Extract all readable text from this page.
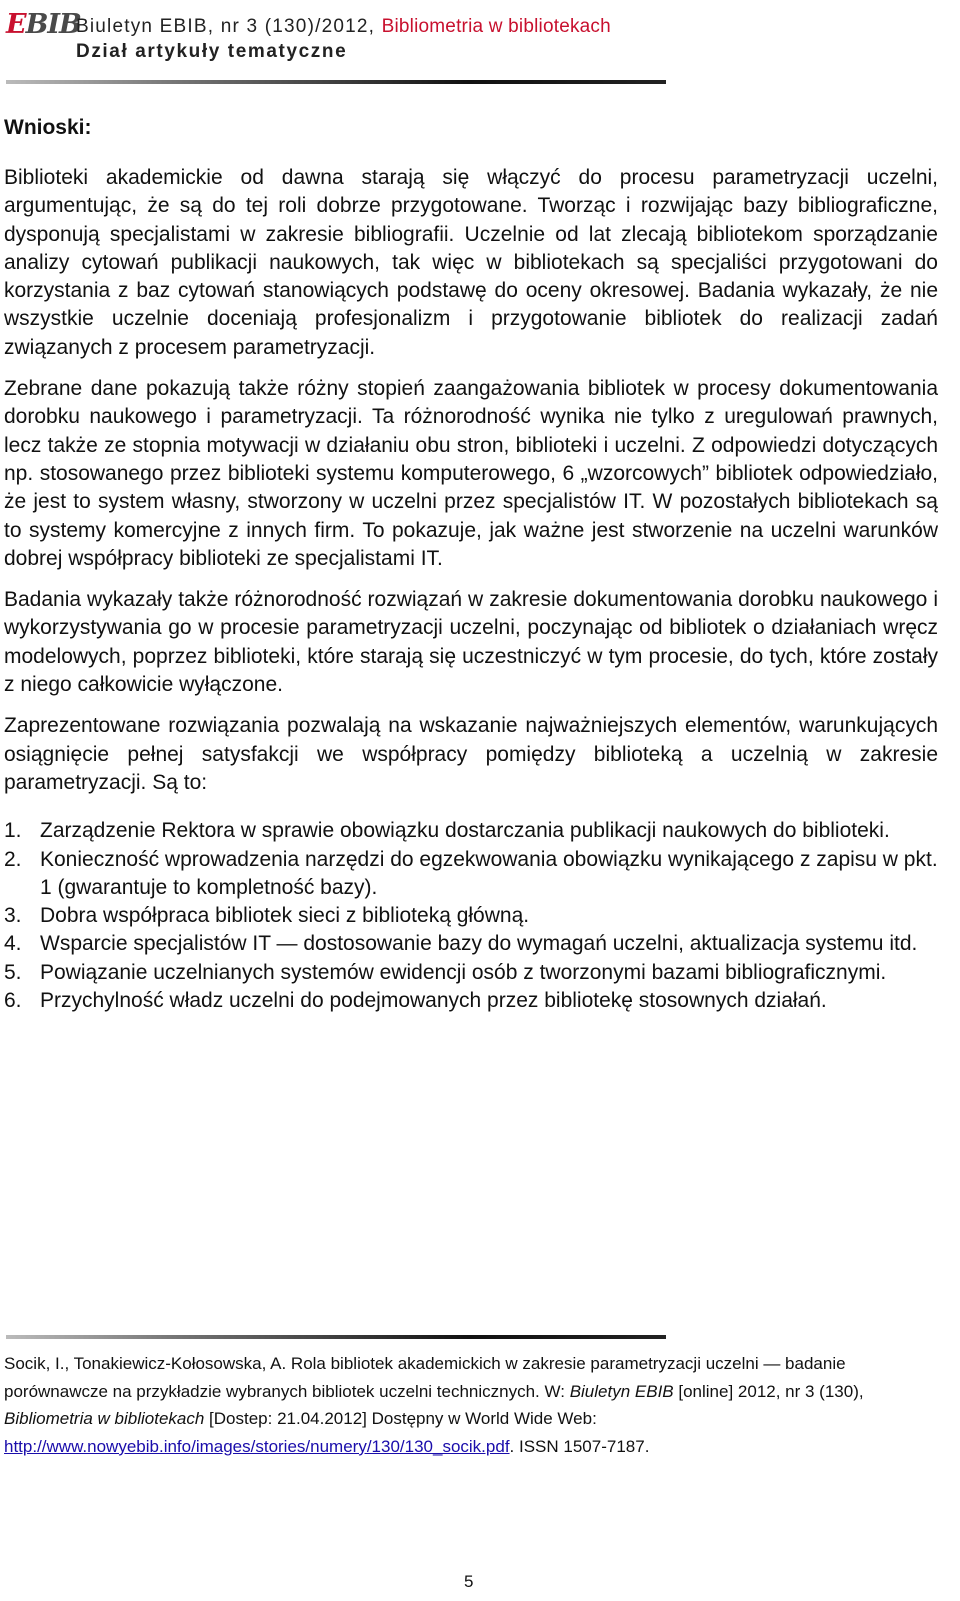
EBIB
Biuletyn EBIB, nr 3 (130)/2012, Bibliometria w bibliotekach
Dział artykuły tematyczne
Wnioski:

Biblioteki akademickie od dawna starają się włączyć do procesu parametryzacji uczelni, argumentując, że są do tej roli dobrze przygotowane. Tworząc i rozwijając bazy bibliograficzne, dysponują specjalistami w zakresie bibliografii. Uczelnie od lat zlecają bibliotekom sporządzanie analizy cytowań publikacji naukowych, tak więc w bibliotekach są specjaliści przygotowani do korzystania z baz cytowań stanowiących podstawę do oceny okresowej. Badania wykazały, że nie wszystkie uczelnie doceniają profesjonalizm i przygotowanie bibliotek do realizacji zadań związanych z procesem parametryzacji.

Zebrane dane pokazują także różny stopień zaangażowania bibliotek w procesy dokumentowania dorobku naukowego i parametryzacji. Ta różnorodność wynika nie tylko z uregulowań prawnych, lecz także ze stopnia motywacji w działaniu obu stron, biblioteki i uczelni. Z odpowiedzi dotyczących np. stosowanego przez biblioteki systemu komputerowego, 6 „wzorcowych” bibliotek odpowiedziało, że jest to system własny, stworzony w uczelni przez specjalistów IT. W pozostałych bibliotekach są to systemy komercyjne z innych firm. To pokazuje, jak ważne jest stworzenie na uczelni warunków dobrej współpracy biblioteki ze specjalistami IT.

Badania wykazały także różnorodność rozwiązań w zakresie dokumentowania dorobku naukowego i wykorzystywania go w procesie parametryzacji uczelni, poczynając od bibliotek o działaniach wręcz modelowych, poprzez biblioteki, które starają się uczestniczyć w tym procesie, do tych, które zostały z niego całkowicie wyłączone.

Zaprezentowane rozwiązania pozwalają na wskazanie najważniejszych elementów, warunkujących osiągnięcie pełnej satysfakcji we współpracy pomiędzy biblioteką a uczelnią w zakresie parametryzacji. Są to:

1. Zarządzenie Rektora w sprawie obowiązku dostarczania publikacji naukowych do biblioteki.
2. Konieczność wprowadzenia narzędzi do egzekwowania obowiązku wynikającego z zapisu w pkt. 1 (gwarantuje to kompletność bazy).
3. Dobra współpraca bibliotek sieci z biblioteką główną.
4. Wsparcie specjalistów IT — dostosowanie bazy do wymagań uczelni, aktualizacja systemu itd.
5. Powiązanie uczelnianych systemów ewidencji osób z tworzonymi bazami bibliograficznymi.
6. Przychylność władz uczelni do podejmowanych przez bibliotekę stosownych działań.
Socik, I., Tonakiewicz-Kołosowska, A. Rola bibliotek akademickich w zakresie parametryzacji uczelni — badanie porównawcze na przykładzie wybranych bibliotek uczelni technicznych. W: Biuletyn EBIB [online] 2012, nr 3 (130), Bibliometria w bibliotekach [Dostep: 21.04.2012] Dostępny w World Wide Web: http://www.nowyebib.info/images/stories/numery/130/130_socik.pdf. ISSN 1507-7187.
5
